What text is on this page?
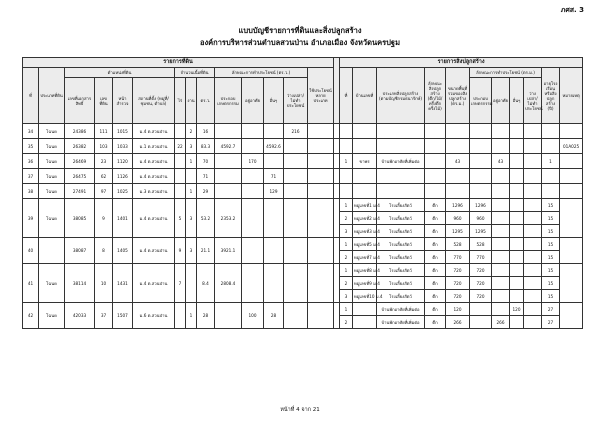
ภศส. 3
แบบบัญชีรายการที่ดินและสิ่งปลูกสร้าง
องค์การบริหารส่วนตำบลสวนป่าน อำเภอเมือง จังหวัดนครปฐม
รายการที่ดิน															รายการสิ่งปลูกสร้าง										
ที่	ประเภทที่ดิน	ตำแหน่งที่ดิน				จำนวนเนื้อที่ดิน			ลักษณะการทำประโยชน์ (ตร.ว.)				ใช้ประโยชน์หลายประเภท		ที่	บ้านเลขที่	ประเภทสิ่งปลูกสร้าง (ตามบัญชีกรมธนารักษ์)	ลักษณะสิ่งปลูกสร้าง (ตึก/ไม้/ครึ่งตึกครึ่งไม้)	ขนาดพื้นที่รวมของสิ่งปลูกสร้าง (ตร.ม.)	ลักษณะการทำประโยชน์ (ตร.ม.)				อายุโรงเรือนหรือสิ่งปลูกสร้าง (ปี)	หมายเหตุ
		เลขที่เอกสารสิทธิ์	เลขที่ดิน	หน้าสำรวจ	สถานที่ตั้ง (หมู่ที่/ชุมชน, ตำบล)	ไร่	งาน	ตร.ว.	ประกอบเกษตรกรรม	อยู่อาศัย	อื่นๆ	ว่างเปล่า/ไม่ทำประโยชน์								ประกอบเกษตรกรรม	อยู่อาศัย	อื่นๆ	ว่างเปล่า/ไม่ทำประโยชน์		
34	โฉนด	24386	111	1015	ม.4 ต.สวนป่าน		2	16				216													
35	โฉนด	26382	103	1033	ม.1 ต.สวนป่าน	22	3	83.3	4592.7		4592.6														01A025
36	โฉนด	26469	23	1120	ม.4 ต.สวนป่าน		1	70		170					1	ขาพร	บ้านพักอาศัยที่เพิ่มต่อ		43		43			1	
37	โฉนด	26475	62	1126	ม.4 ต.สวนป่าน			71			71														
38	โฉนด	27491	97	1025	ม.3 ต.สวนป่าน		1	29			129														
39	โฉนด	38085	9	1401	ม.4 ต.สวนป่าน	5	3	53.2	2353.2						1	หมู่เลขที่1 ม.4	โรงเลี้ยงสัตว์	ตึก	1296	1296				15	
															2	หมู่เลขที่2 ม.4	โรงเลี้ยงสัตว์	ตึก	960	960				15	
															3	หมู่เลขที่3 ม.4	โรงเลี้ยงสัตว์	ตึก	1295	1295				15	
40		38087	8	1405	ม.4 ต.สวนป่าน	9	3	21.1	3921.1						1	หมู่เลขที่5 ม.4	โรงเลี้ยงสัตว์	ตึก	528	528				15	
															2	หมู่เลขที่7 ม.4	โรงเลี้ยงสัตว์	ตึก	770	770				15	
41	โฉนด	38114	10	1431	ม.4 ต.สวนป่าน	7		8.4	2808.4						1	หมู่เลขที่8 ม.4	โรงเลี้ยงสัตว์	ตึก	720	720				15	
															2	หมู่เลขที่9 ม.4	โรงเลี้ยงสัตว์	ตึก	720	720				15	
															3	หมู่เลขที่10 ม.4	โรงเลี้ยงสัตว์	ตึก	720	720				15	
42	โฉนด	42033	37	1507	ม.6 ต.สวนป่าน		1	28		100	28				1		บ้านพักอาศัยที่เพิ่มต่อ	ตึก	120			120		27	
															2		บ้านพักอาศัยที่เพิ่มต่อ	ตึก	266		266			27	
หน้าที่ 4 จาก 21
